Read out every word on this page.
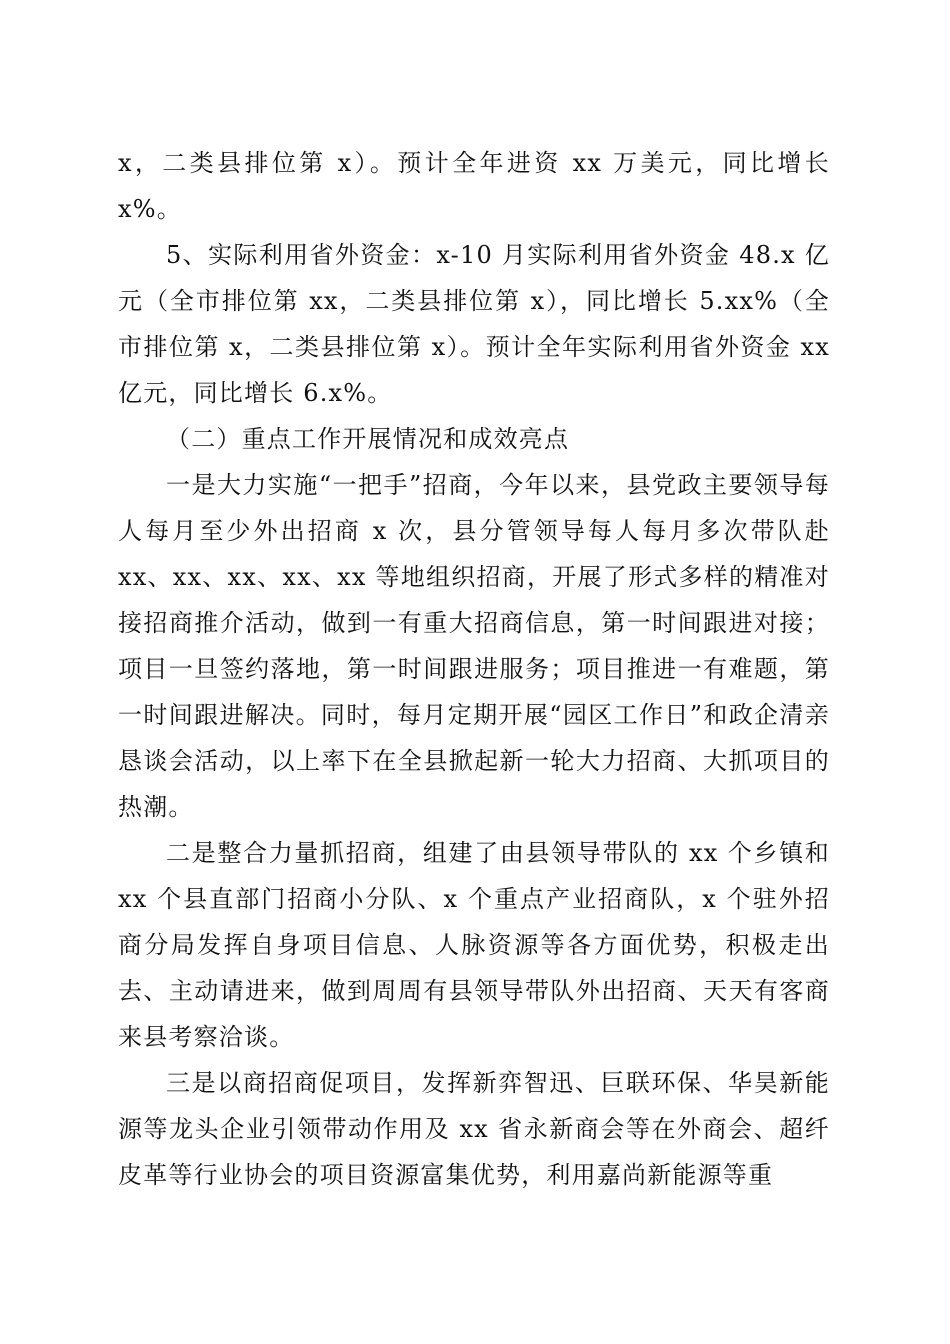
x，二类县排位第 x）。预计全年进资 xx 万美元，同比增长 x%。

5、实际利用省外资金：x-10 月实际利用省外资金 48.x 亿元（全市排位第 xx，二类县排位第 x），同比增长 5.xx%（全市排位第 x，二类县排位第 x）。预计全年实际利用省外资金 xx 亿元，同比增长 6.x%。

（二）重点工作开展情况和成效亮点

一是大力实施“一把手”招商，今年以来，县党政主要领导每人每月至少外出招商 x 次，县分管领导每人每月多次带队赴 xx、xx、xx、xx、xx 等地组织招商，开展了形式多样的精准对接招商推介活动，做到一有重大招商信息，第一时间跟进对接；项目一旦签约落地，第一时间跟进服务；项目推进一有难题，第一时间跟进解决。同时，每月定期开展“园区工作日”和政企清亲恳谈会活动，以上率下在全县掀起新一轮大力招商、大抓项目的热潮。

二是整合力量抓招商，组建了由县领导带队的 xx 个乡镇和 xx 个县直部门招商小分队、x 个重点产业招商队，x 个驻外招商分局发挥自身项目信息、人脉资源等各方面优势，积极走出去、主动请进来，做到周周有县领导带队外出招商、天天有客商来县考察洽谈。

三是以商招商促项目，发挥新弈智迅、巨联环保、华昊新能源等龙头企业引领带动作用及 xx 省永新商会等在外商会、超纤皮革等行业协会的项目资源富集优势，利用嘉尚新能源等重
